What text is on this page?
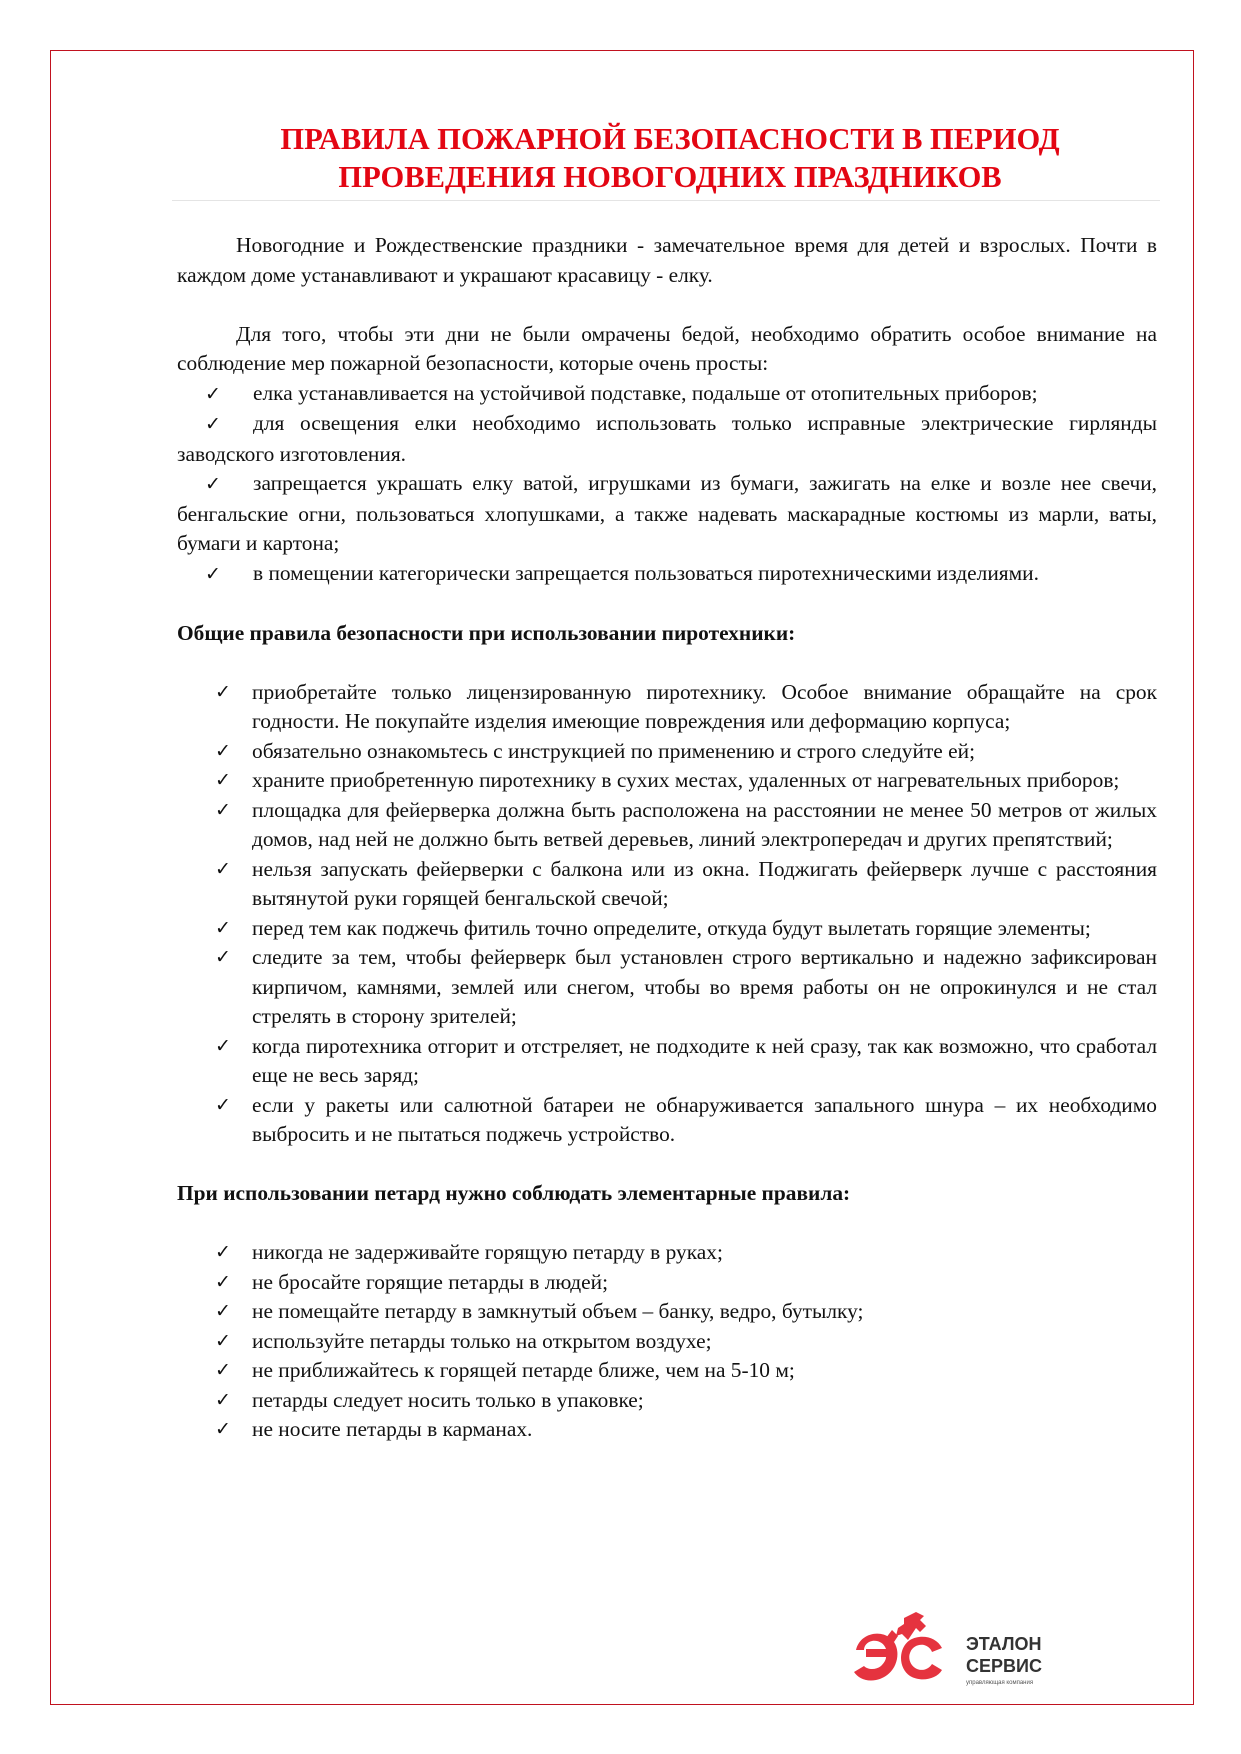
ПРАВИЛА ПОЖАРНОЙ БЕЗОПАСНОСТИ В ПЕРИОД
ПРОВЕДЕНИЯ НОВОГОДНИХ ПРАЗДНИКОВ

Новогодние и Рождественские праздники - замечательное время для детей и взрослых. Почти в каждом доме устанавливают и украшают красавицу - елку.

Для того, чтобы эти дни не были омрачены бедой, необходимо обратить особое внимание на соблюдение мер пожарной безопасности, которые очень просты:

✓ елка устанавливается на устойчивой подставке, подальше от отопительных приборов;
✓ для освещения елки необходимо использовать только исправные электрические гирлянды заводского изготовления.
✓ запрещается украшать елку ватой, игрушками из бумаги, зажигать на елке и возле нее свечи, бенгальские огни, пользоваться хлопушками, а также надевать маскарадные костюмы из марли, ваты, бумаги и картона;
✓ в помещении категорически запрещается пользоваться пиротехническими изделиями.

Общие правила безопасности при использовании пиротехники:

✓ приобретайте только лицензированную пиротехнику. Особое внимание обращайте на срок годности. Не покупайте изделия имеющие повреждения или деформацию корпуса;
✓ обязательно ознакомьтесь с инструкцией по применению и строго следуйте ей;
✓ храните приобретенную пиротехнику в сухих местах, удаленных от нагревательных приборов;
✓ площадка для фейерверка должна быть расположена на расстоянии не менее 50 метров от жилых домов, над ней не должно быть ветвей деревьев, линий электропередач и других препятствий;
✓ нельзя запускать фейерверки с балкона или из окна. Поджигать фейерверк лучше с расстояния вытянутой руки горящей бенгальской свечой;
✓ перед тем как поджечь фитиль точно определите, откуда будут вылетать горящие элементы;
✓ следите за тем, чтобы фейерверк был установлен строго вертикально и надежно зафиксирован кирпичом, камнями, землей или снегом, чтобы во время работы он не опрокинулся и не стал стрелять в сторону зрителей;
✓ когда пиротехника отгорит и отстреляет, не подходите к ней сразу, так как возможно, что сработал еще не весь заряд;
✓ если у ракеты или салютной батареи не обнаруживается запального шнура – их необходимо выбросить и не пытаться поджечь устройство.

При использовании петард нужно соблюдать элементарные правила:

✓ никогда не задерживайте горящую петарду в руках;
✓ не бросайте горящие петарды в людей;
✓ не помещайте петарду в замкнутый объем – банку, ведро, бутылку;
✓ используйте петарды только на открытом воздухе;
✓ не приближайтесь к горящей петарде ближе, чем на 5-10 м;
✓ петарды следует носить только в упаковке;
✓ не носите петарды в карманах.
ЭТАЛОН
СЕРВИС
управляющая компания
